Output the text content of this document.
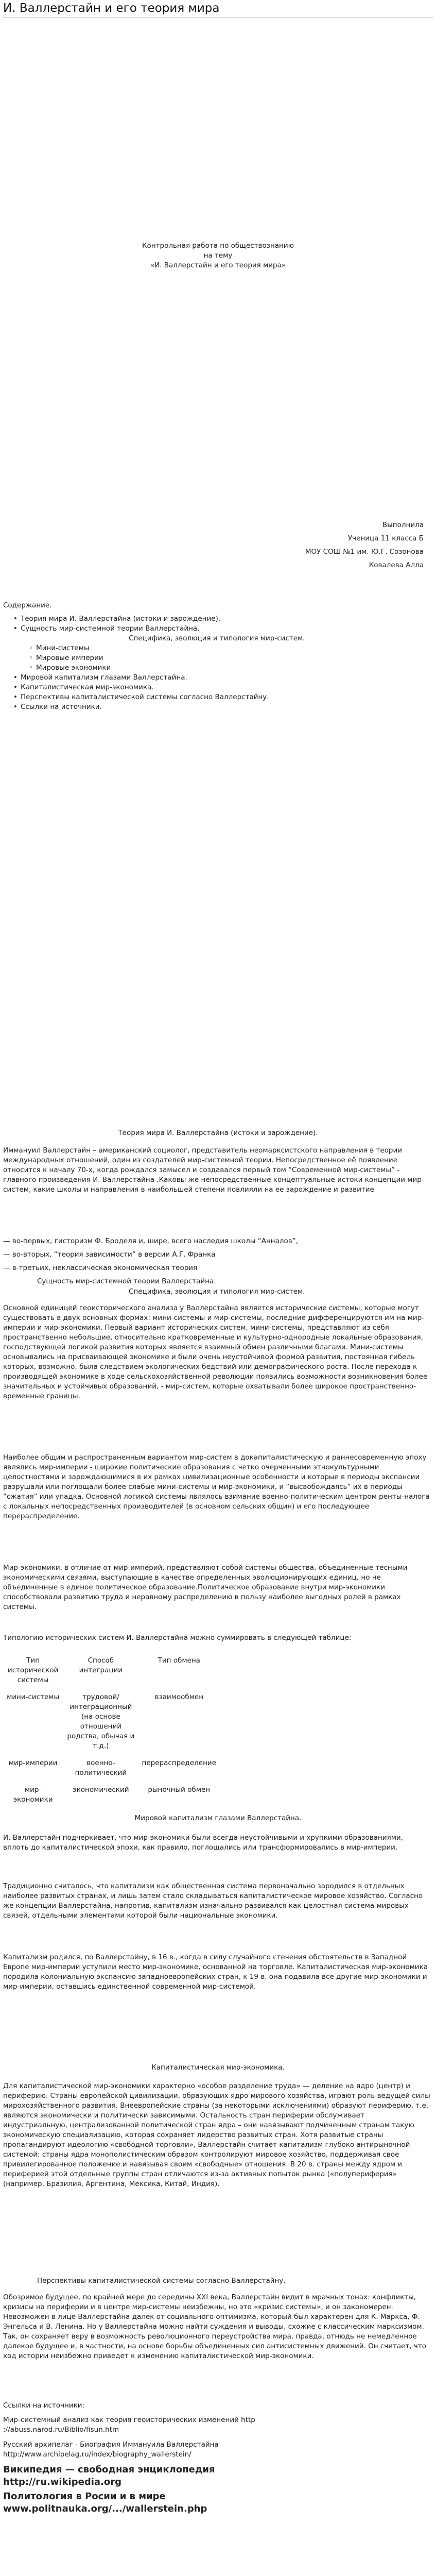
И. Валлерстайн и его теория мира
Контрольная работа по обществознанию
на тему
«И. Валлерстайн и его теория мира»
Выполнила
Ученица 11 класса Б
МОУ СОШ №1 им. Ю.Г. Созонова
Ковалева Алла
Содержание.
• Теория мира И. Валлерстайна (истоки и зарождение).
• Сущность мир-системной теории Валлерстайна.
Специфика, эволюция и типология мир-систем.
◦ Мини-системы
◦ Мировые империи
◦ Мировые экономики
• Мировой капитализм глазами Валлерстайна.
• Капиталистическая мир-экономика.
• Перспективы капиталистической системы согласно Валлерстайну.
• Ссылки на источники.
Теория мира И. Валлерстайна (истоки и зарождение).
Иммануил Валлерстайн – американский социолог, представитель неомарксистского направления в теории международных отношений, один из создателей мир-системной теории. Непосредственное её появление относится к началу 70-х, когда рождался замысел и создавался первый том “Современной мир-системы” - главного произведения И. Валлерстайна .Каковы же непосредственные концептуальные истоки концепции мир-систем, какие школы и направления в наибольшей степени повлияли на ее зарождение и развитие
— во-первых, гисторизм Ф. Броделя и, шире, всего наследия школы “Анналов”,
— во-вторых, “теория зависимости” в версии А.Г. Франка
— в-третьих, неклассическая экономическая теория
Сущность мир-системной теории Валлерстайна.
Специфика, эволюция и типология мир-систем.
Основной единицей геоисторического анализа у Валлерстайна является исторические системы, которые могут существовать в двух основных формах: мини-системы и мир-системы, последние дифференцируются им на мир-империи и мир-экономики. Первый вариант исторических систем, мини-системы, представляют из себя пространственно небольшие, относительно кратковременные и культурно-однородные локальные образования, господствующей логикой развития которых является взаимный обмен различными благами. Мини-системы основывались на присваивающей экономике и были очень неустойчивой формой развития, постоянная гибель которых, возможно, была следствием экологических бедствий или демографического роста. После перехода к производящей экономике в ходе сельскохозяйственной революции появились возможности возникновения более значительных и устойчивых образований, - мир-систем, которые охватывали более широкое пространственно-временные границы.
Наиболее общим и распространенным вариантом мир-систем в докапиталистическую и раннесовременную эпоху являлись мир-империи - широкие политические образования с четко очерченными этнокультурными целостностями и зарождающимися в их рамках цивилизационные особенности и которые в периоды экспансии разрушали или поглощали более слабые мини-системы и мир-экономики, и “высвобождаясь” их в периоды “сжатия” или упадка. Основной логикой системы являлось взимание военно-политическим центром ренты-налога с локальных непосредственных производителей (в основном сельских общин) и его последующее перераспределение.
Мир-экономики, в отличие от мир-империй, представляют собой системы общества, объединенные тесными экономическими связями, выступающие в качестве определенных эволюционирующих единиц, но не объединенные в единое политическое образование.Политическое образование внутри мир-экономики способствовали развитию труда и неравному распределению в пользу наиболее выгодных ролей в рамках системы.
Типологию исторических систем И. Валлерстайна можно суммировать в следующей таблице:
Тип исторической системы	Способ интеграции	Тип обмена
мини-системы	трудовой/интеграционный (на основе отношений родства, обычая и т.д.)	взаимообмен
мир-империи	военно-политический	перераспределение
мир-экономики	экономический	рыночный обмен
Мировой капитализм глазами Валлерстайна.
И. Валлерстайн подчеркивает, что мир-экономики были всегда неустойчивыми и хрупкими образованиями, вплоть до капиталистической эпохи, как правило, поглощались или трансформировались в мир-империи.
Традиционно считалось, что капитализм как общественная система первоначально зародился в отдельных наиболее развитых странах, и лишь затем стало складываться капиталистическое мировое хозяйство. Согласно же концепции Валлерстайна, напротив, капитализм изначально развивался как целостная система мировых связей, отдельными элементами которой были национальные экономики.
Капитализм родился, по Валлерстайну, в 16 в., когда в силу случайного стечения обстоятельств в Западной Европе мир-империи уступили место мир-экономике, основанной на торговле. Капиталистическая мир-экономика породила колониальную экспансию западноевропейских стран, к 19 в. она подавила все другие мир-экономики и мир-империи, оставшись единственной современной мир-системой.
Капиталистическая мир-экономика.
Для капиталистической мир-экономики характерно «особое разделение труда» — деление на ядро (центр) и периферию. Страны европейской цивилизации, образующих ядро мирового хозяйства, играют роль ведущей силы мирохозяйственного развития. Внеевропейские страны (за некоторыми исключениями) образуют периферию, т.е. являются экономически и политически зависимыми. Остальность стран периферии обслуживает индустриальную, централизованной политической стран ядра – они навязывают подчиненным странам такую экономическую специализацию, которая сохраняет лидерство развитых стран. Хотя развитые страны пропагандируют идеологию «свободной торговли», Валлерстайн считает капитализм глубоко антирыночной системой: страны ядра монополистическим образом контролируют мировое хозяйство, поддерживая свое привилегированное положение и навязывая своим «свободные» отношения. В 20 в. страны между ядром и периферией этой отдельные группы стран отличаются из-за активных попыток рынка («полупериферия» (например, Бразилия, Аргентина, Мексика, Китай, Индия).
Перспективы капиталистической системы согласно Валлерстайну.
Обозримое будущее, по крайней мере до середины XXI века, Валлерстайн видит в мрачных тонах: конфликты, кризисы на периферии и в центре мир-системы неизбежны, но это «кризис системы», и он закономерен. Невозможен в лице Валлерстайна далек от социального оптимизма, который был характерен для К. Маркса, Ф. Энгельса и В. Ленина. Но у Валлерстайна можно найти суждения и выводы, схожие с классическим марксизмом. Так, он сохраняет веру в возможность революционного переустройства мира, правда, отнюдь не немедленное далекое будущее и, в частности, на основе борьбы объединенных сил антисистемных движений. Он считает, что ход истории неизбежно приведет к изменению капиталистической мир-экономики.
Ссылки на источники:
Мир-системный анализ как теория геоисторических изменений http
://abuss.narod.ru/Biblio/fisun.htm
Русский архипелаг - Биография Иммануила Валлерстайна
http://www.archipelag.ru/index/biography_wallerstein/
Википедия — свободная энциклопедия
http://ru.wikipedia.org
Политология в Росии и в мире
www.politnauka.org/.../wallerstein.php
